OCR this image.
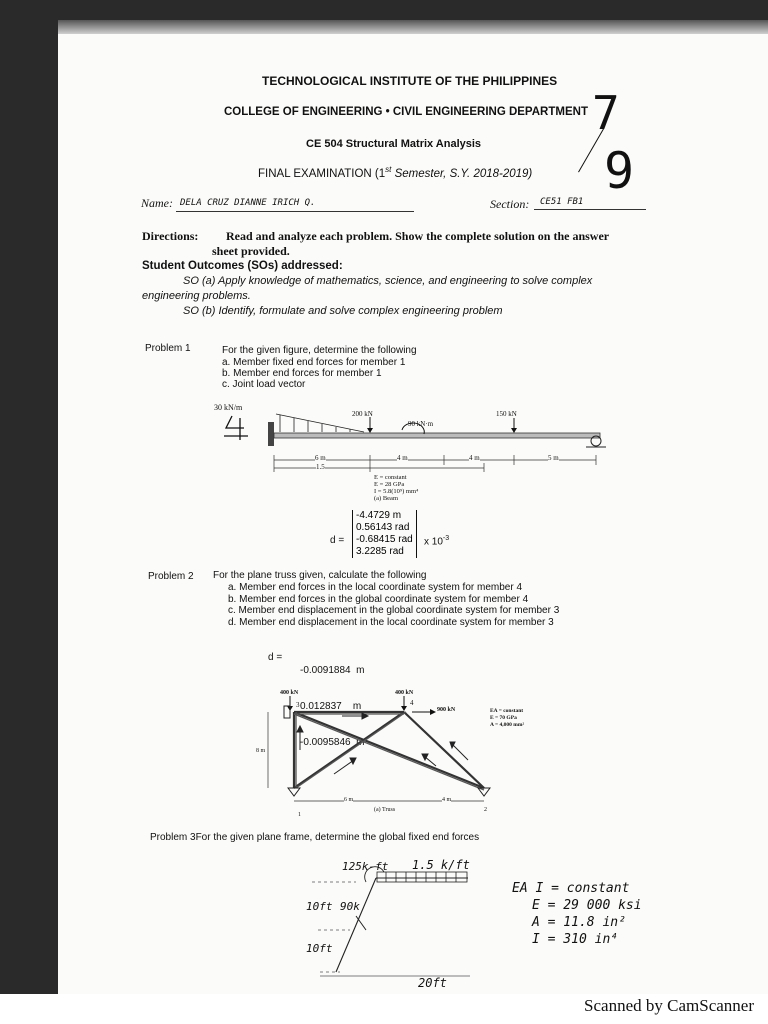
TECHNOLOGICAL INSTITUTE OF THE PHILIPPINES
COLLEGE OF ENGINEERING • CIVIL ENGINEERING DEPARTMENT
CE 504 Structural Matrix Analysis
FINAL EXAMINATION (1st Semester, S.Y. 2018-2019)
7
9
Name: DELA CRUZ DIANNE IRICH Q.	Section: CE51 FB1
Directions: Read and analyze each problem. Show the complete solution on the answer
sheet provided.
Student Outcomes (SOs) addressed:
SO (a) Apply knowledge of mathematics, science, and engineering to solve complex
engineering problems.
SO (b) Identify, formulate and solve complex engineering problem
Problem 1	For the given figure, determine the following
a. Member fixed end forces for member 1
b. Member end forces for member 1
c. Joint load vector
30 kN/m
200 kN
90 kN·m
150 kN
6 m	4 m	4 m	5 m
1.5
E = constant
E = 28 GPa
I = 5.8(10⁹) mm⁴
(a) Beam
d =
-4.4729 m
0.56143 rad
-0.68415 rad
3.2285 rad
x $10^{-3}$
Problem 2 For the plane truss given, calculate the following
a. Member end forces in the local coordinate system for member 4
b. Member end forces in the global coordinate system for member 4
c. Member end displacement in the global coordinate system for member 3
d. Member end displacement in the local coordinate system for member 3
d =

-0.0091884  m

0.012837    m

-0.0095846  m

400 kN	400 kN
900 kN
3	4
1
2
8 m
6 m	4 m
(a) Truss
EA = constant
E = 70 GPa
A = 4,000 mm²
Problem 3For the given plane frame, determine the global fixed end forces
125k-ft 1.5 k/ft
90k
10ft
10ft
20ft
EA I = constant
E = 29 000 ksi
A = 11.8 in²
I = 310 in⁴
Scanned by CamScanner
